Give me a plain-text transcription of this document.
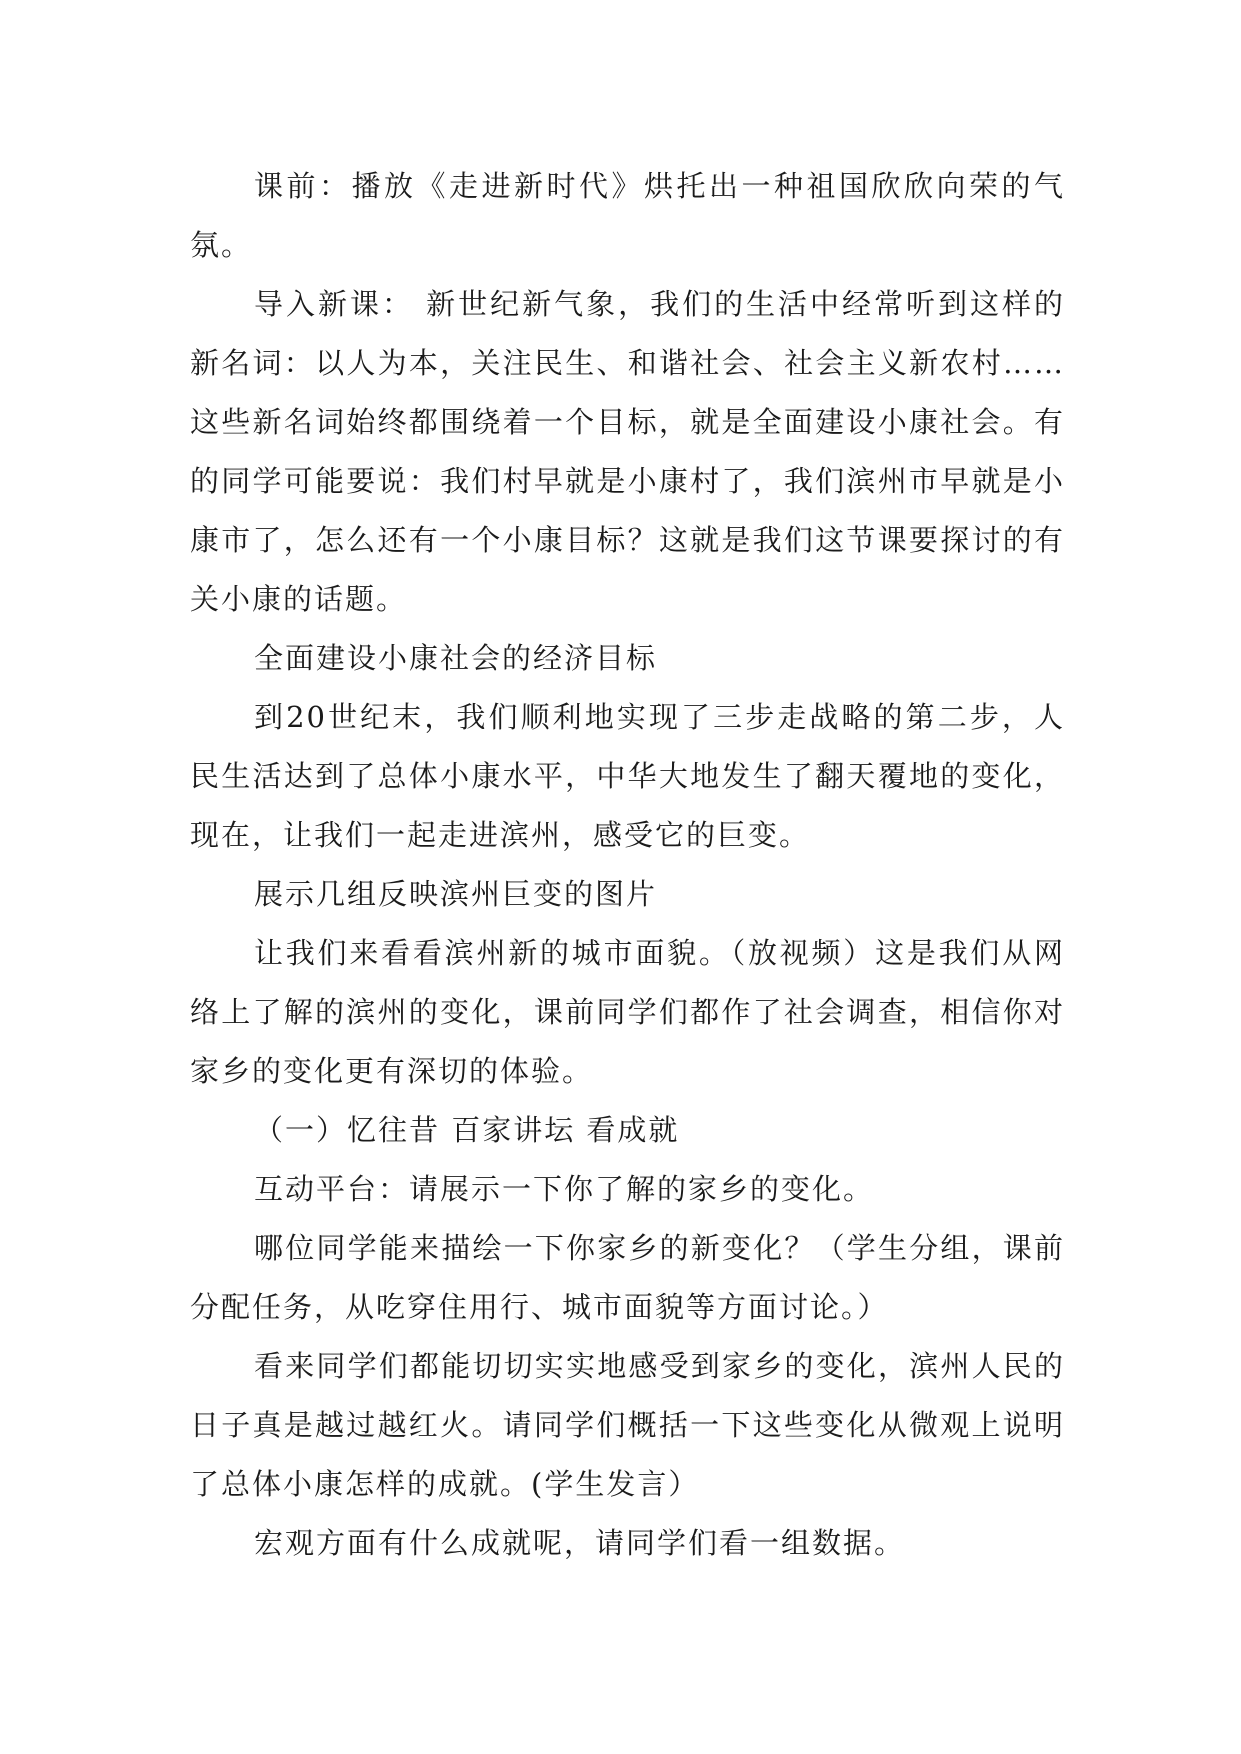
课前：播放《走进新时代》烘托出一种祖国欣欣向荣的气氛。

导入新课： 新世纪新气象，我们的生活中经常听到这样的新名词：以人为本，关注民生、和谐社会、社会主义新农村……这些新名词始终都围绕着一个目标，就是全面建设小康社会。有的同学可能要说：我们村早就是小康村了，我们滨州市早就是小康市了，怎么还有一个小康目标？这就是我们这节课要探讨的有关小康的话题。

全面建设小康社会的经济目标

到20世纪末，我们顺利地实现了三步走战略的第二步，人民生活达到了总体小康水平，中华大地发生了翻天覆地的变化，现在，让我们一起走进滨州，感受它的巨变。

展示几组反映滨州巨变的图片

让我们来看看滨州新的城市面貌。（放视频）这是我们从网络上了解的滨州的变化，课前同学们都作了社会调查，相信你对家乡的变化更有深切的体验。

（一）忆往昔 百家讲坛 看成就

互动平台：请展示一下你了解的家乡的变化。

哪位同学能来描绘一下你家乡的新变化？（学生分组，课前分配任务，从吃穿住用行、城市面貌等方面讨论。）

看来同学们都能切切实实地感受到家乡的变化，滨州人民的日子真是越过越红火。请同学们概括一下这些变化从微观上说明了总体小康怎样的成就。(学生发言）

宏观方面有什么成就呢，请同学们看一组数据。
